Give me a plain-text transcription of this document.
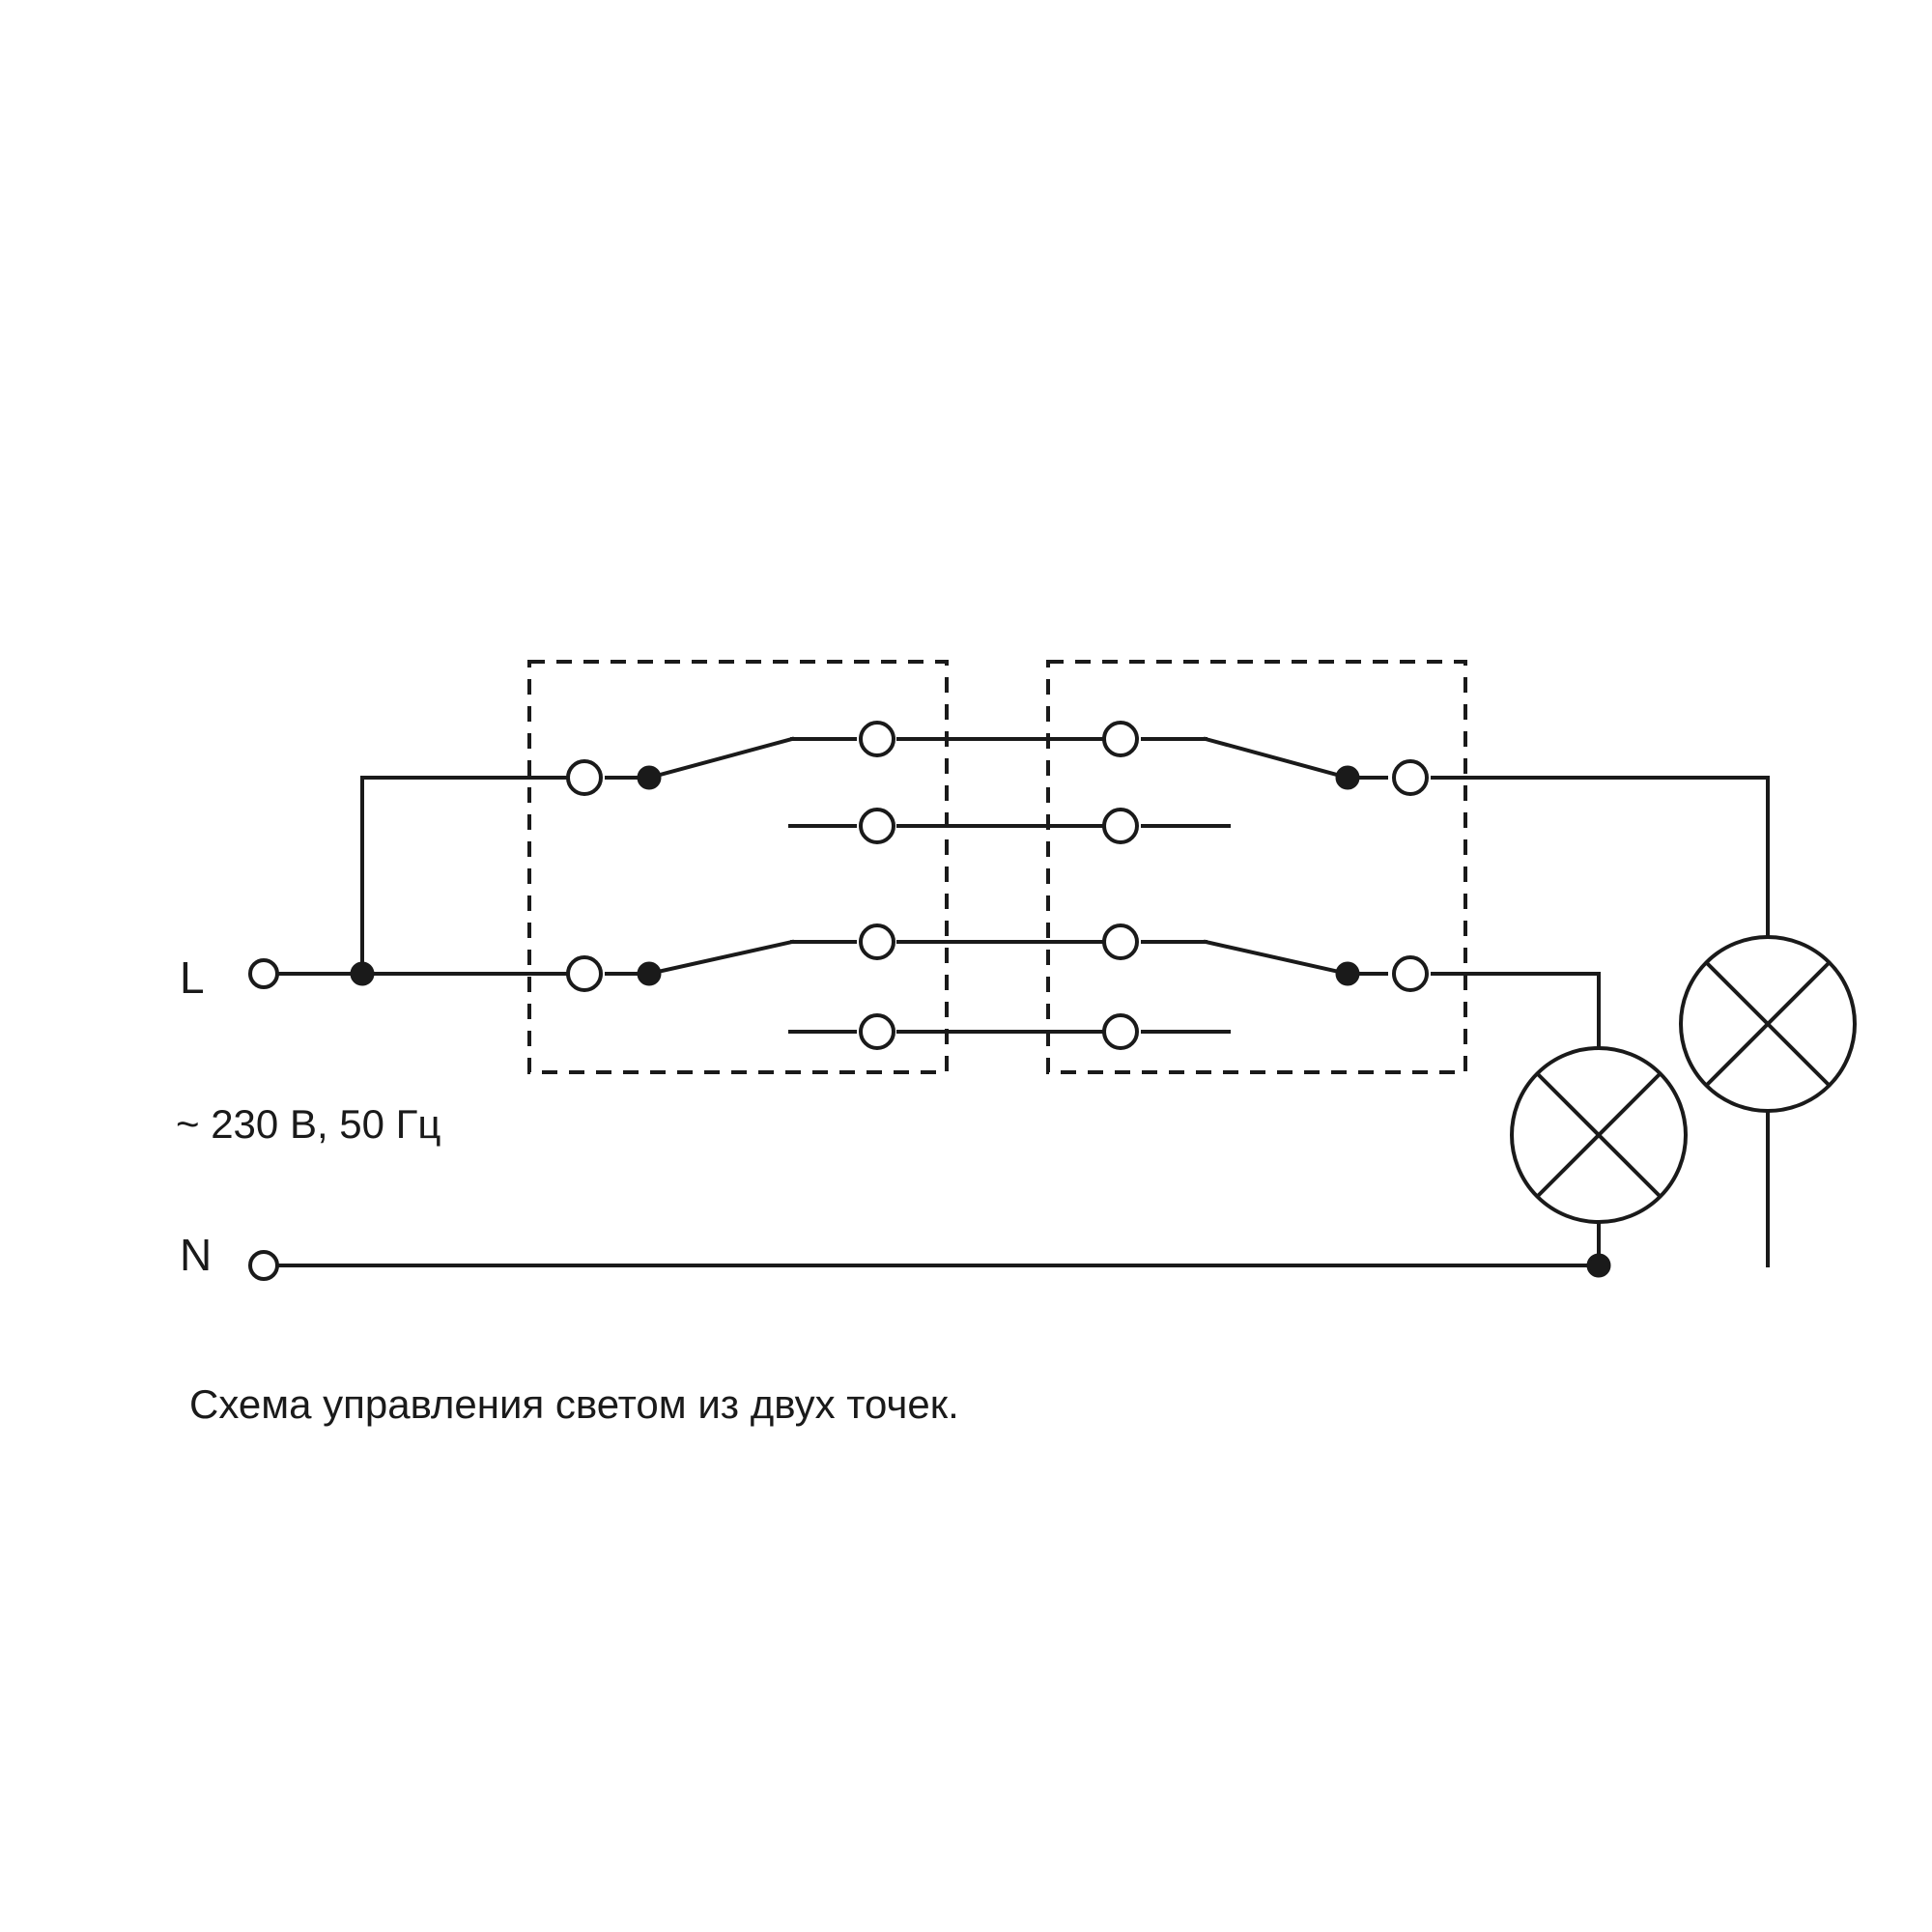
L
N
~ 230 В, 50 Гц
Схема управления светом из двух точек.
